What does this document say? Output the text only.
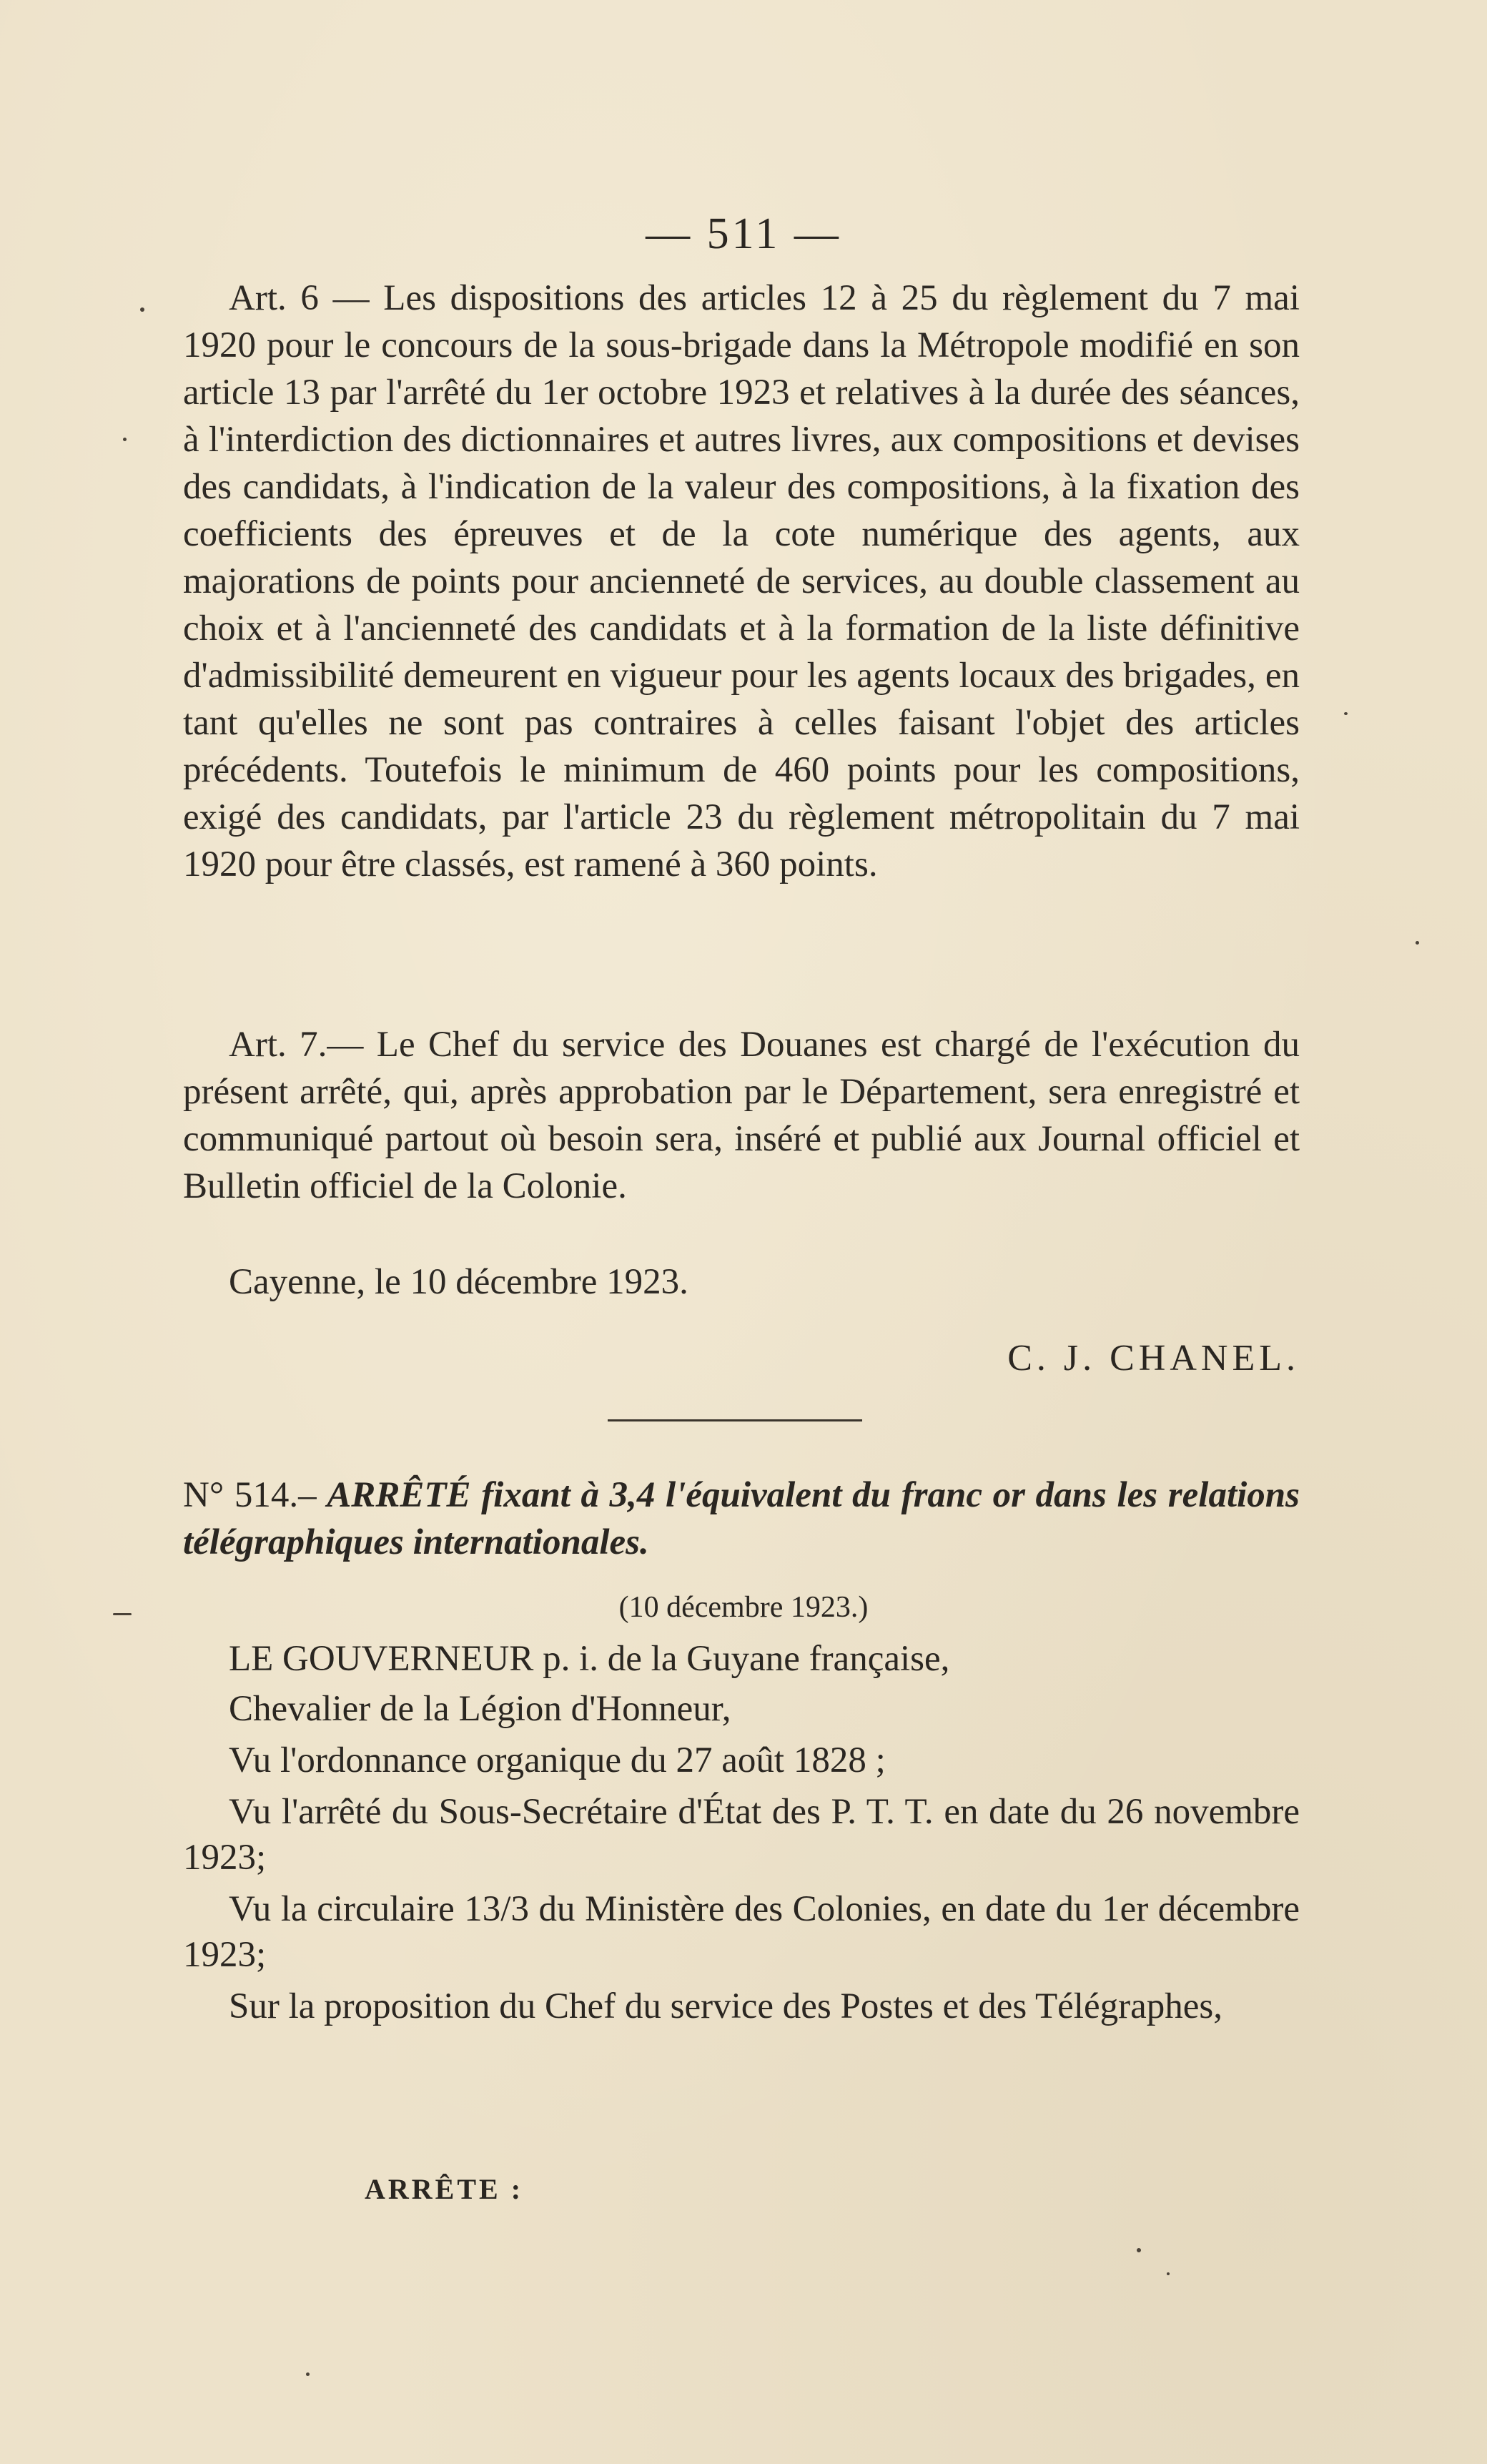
— 511 —

Art. 6 — Les dispositions des articles 12 à 25 du règlement du 7 mai 1920 pour le concours de la sous-brigade dans la Métropole modifié en son article 13 par l'arrêté du 1er octobre 1923 et relatives à la durée des séances, à l'interdiction des dictionnaires et autres livres, aux compositions et devises des candidats, à l'indication de la valeur des compositions, à la fixation des coefficients des épreuves et de la cote numérique des agents, aux majorations de points pour ancienneté de services, au double classement au choix et à l'ancienneté des candidats et à la formation de la liste définitive d'admissibilité demeurent en vigueur pour les agents locaux des brigades, en tant qu'elles ne sont pas contraires à celles faisant l'objet des articles précédents. Toutefois le minimum de 460 points pour les compositions, exigé des candidats, par l'article 23 du règlement métropolitain du 7 mai 1920 pour être classés, est ramené à 360 points.

Art. 7.— Le Chef du service des Douanes est chargé de l'exécution du présent arrêté, qui, après approbation par le Département, sera enregistré et communiqué partout où besoin sera, inséré et publié aux Journal officiel et Bulletin officiel de la Colonie.

Cayenne, le 10 décembre 1923.

C. J. CHANEL.
N° 514.– ARRÊTÉ fixant à 3,4 l'équivalent du franc or dans les relations télégraphiques internationales.
(10 décembre 1923.)

LE GOUVERNEUR p. i. de la Guyane française,

Chevalier de la Légion d'Honneur,

Vu l'ordonnance organique du 27 août 1828 ;

Vu l'arrêté du Sous-Secrétaire d'État des P. T. T. en date du 26 novembre 1923;

Vu la circulaire 13/3 du Ministère des Colonies, en date du 1er décembre 1923;

Sur la proposition du Chef du service des Postes et des Télégraphes,

ARRÊTE :
